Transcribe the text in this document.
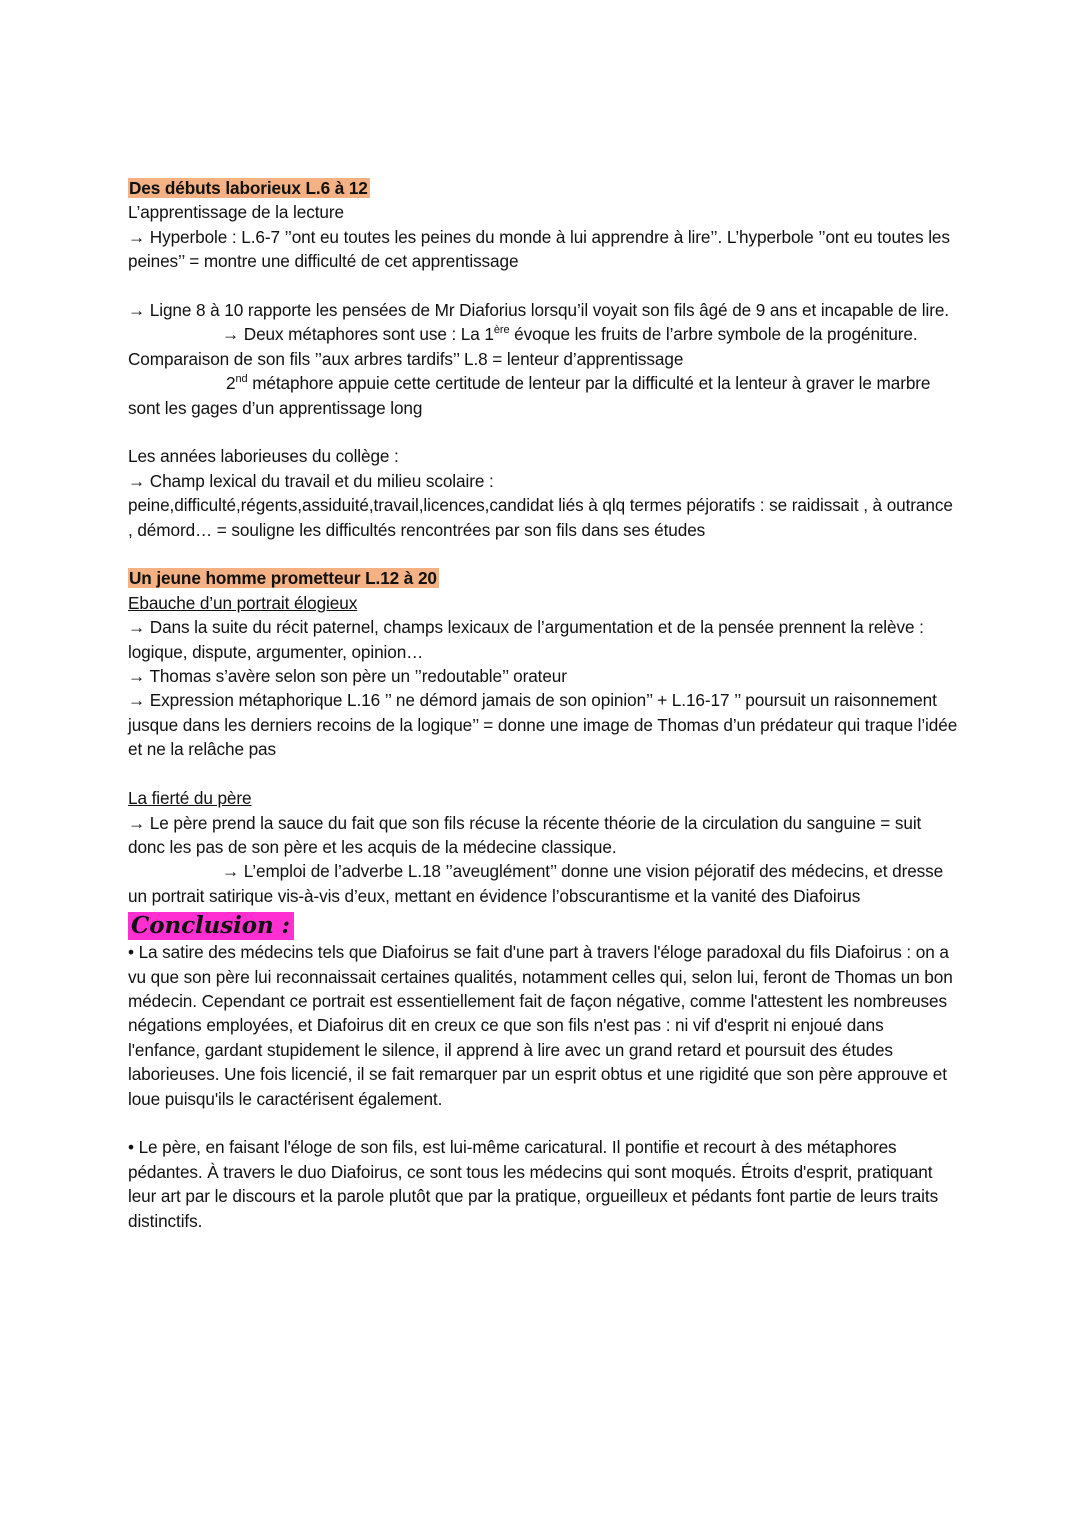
Des débuts laborieux L.6 à 12

L’apprentissage de la lecture

→ Hyperbole : L.6-7 ’’ont eu toutes les peines du monde à lui apprendre à lire’’. L’hyperbole ’’ont eu toutes les peines’’ = montre une difficulté de cet apprentissage

→ Ligne 8 à 10 rapporte les pensées de Mr Diaforius lorsqu’il voyait son fils âgé de 9 ans et incapable de lire.

→ Deux métaphores sont use : La 1ère évoque les fruits de l’arbre symbole de la progéniture. Comparaison de son fils ’’aux arbres tardifs’’ L.8 = lenteur d’apprentissage

2nd métaphore appuie cette certitude de lenteur par la difficulté et la lenteur à graver le marbre sont les gages d’un apprentissage long

Les années laborieuses du collège :

→ Champ lexical du travail et du milieu scolaire :

peine,difficulté,régents,assiduité,travail,licences,candidat liés à qlq termes péjoratifs : se raidissait , à outrance , démord… = souligne les difficultés rencontrées par son fils dans ses études

Un jeune homme prometteur L.12 à 20

Ebauche d’un portrait élogieux

→ Dans la suite du récit paternel, champs lexicaux de l’argumentation et de la pensée prennent la relève : logique, dispute, argumenter, opinion…

→ Thomas s’avère selon son père un ’’redoutable’’ orateur

→ Expression métaphorique L.16 ’’ ne démord jamais de son opinion’’ + L.16-17 ’’ poursuit un raisonnement jusque dans les derniers recoins de la logique’’ = donne une image de Thomas d’un prédateur qui traque l’idée et ne la relâche pas

La fierté du père

→ Le père prend la sauce du fait que son fils récuse la récente théorie de la circulation du sanguine = suit donc les pas de son père et les acquis de la médecine classique.

→ L’emploi de l’adverbe L.18 ’’aveuglément’’ donne une vision péjoratif des médecins, et dresse un portrait satirique vis-à-vis d’eux, mettant en évidence l’obscurantisme et la vanité des Diafoirus

Conclusion :

• La satire des médecins tels que Diafoirus se fait d'une part à travers l'éloge paradoxal du fils Diafoirus : on a vu que son père lui reconnaissait certaines qualités, notamment celles qui, selon lui, feront de Thomas un bon médecin. Cependant ce portrait est essentiellement fait de façon négative, comme l'attestent les nombreuses négations employées, et Diafoirus dit en creux ce que son fils n'est pas : ni vif d'esprit ni enjoué dans l'enfance, gardant stupidement le silence, il apprend à lire avec un grand retard et poursuit des études laborieuses. Une fois licencié, il se fait remarquer par un esprit obtus et une rigidité que son père approuve et loue puisqu'ils le caractérisent également.

• Le père, en faisant l'éloge de son fils, est lui-même caricatural. Il pontifie et recourt à des métaphores pédantes. À travers le duo Diafoirus, ce sont tous les médecins qui sont moqués. Étroits d'esprit, pratiquant leur art par le discours et la parole plutôt que par la pratique, orgueilleux et pédants font partie de leurs traits distinctifs.
